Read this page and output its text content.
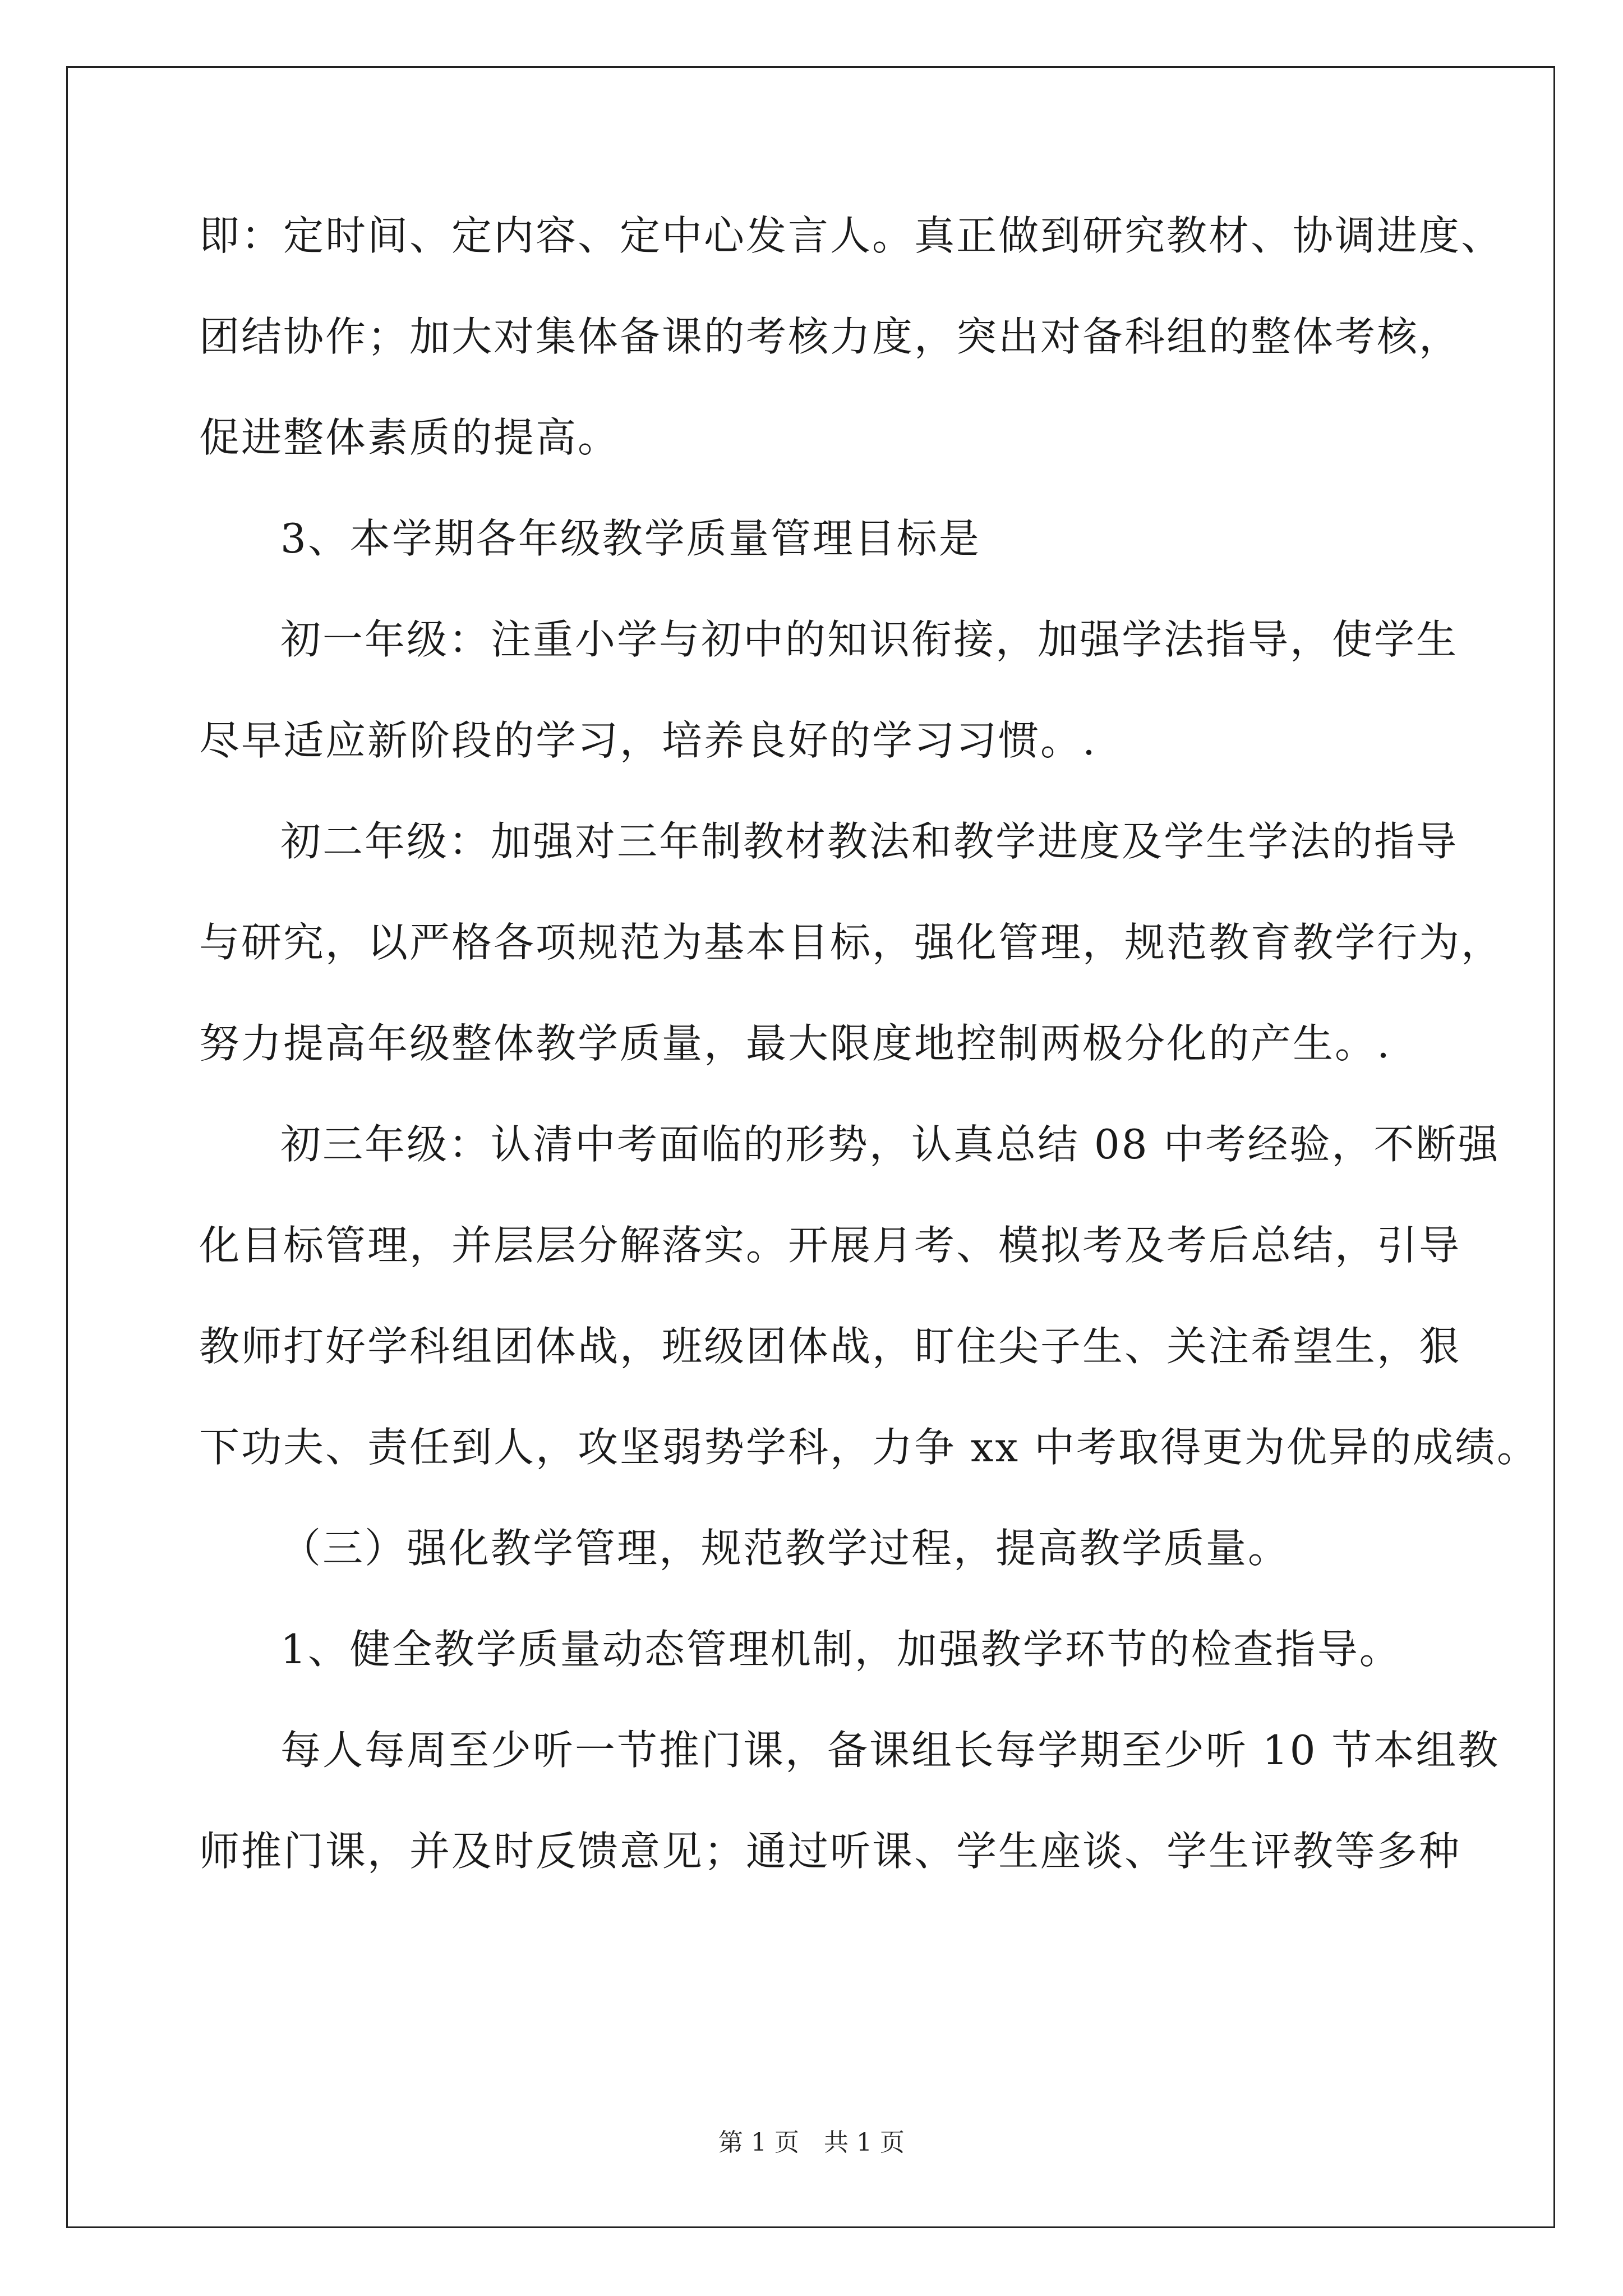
即：定时间、定内容、定中心发言人。真正做到研究教材、协调进度、
团结协作；加大对集体备课的考核力度，突出对备科组的整体考核，
促进整体素质的提高。
3、本学期各年级教学质量管理目标是
初一年级：注重小学与初中的知识衔接，加强学法指导，使学生
尽早适应新阶段的学习，培养良好的学习习惯。.
初二年级：加强对三年制教材教法和教学进度及学生学法的指导
与研究，以严格各项规范为基本目标，强化管理，规范教育教学行为，
努力提高年级整体教学质量，最大限度地控制两极分化的产生。.
初三年级：认清中考面临的形势，认真总结 08 中考经验，不断强
化目标管理，并层层分解落实。开展月考、模拟考及考后总结，引导
教师打好学科组团体战，班级团体战，盯住尖子生、关注希望生，狠
下功夫、责任到人，攻坚弱势学科，力争 xx 中考取得更为优异的成绩。
（三）强化教学管理，规范教学过程，提高教学质量。
1、健全教学质量动态管理机制，加强教学环节的检查指导。
每人每周至少听一节推门课，备课组长每学期至少听 10 节本组教
师推门课，并及时反馈意见；通过听课、学生座谈、学生评教等多种
第 1 页　共 1 页
